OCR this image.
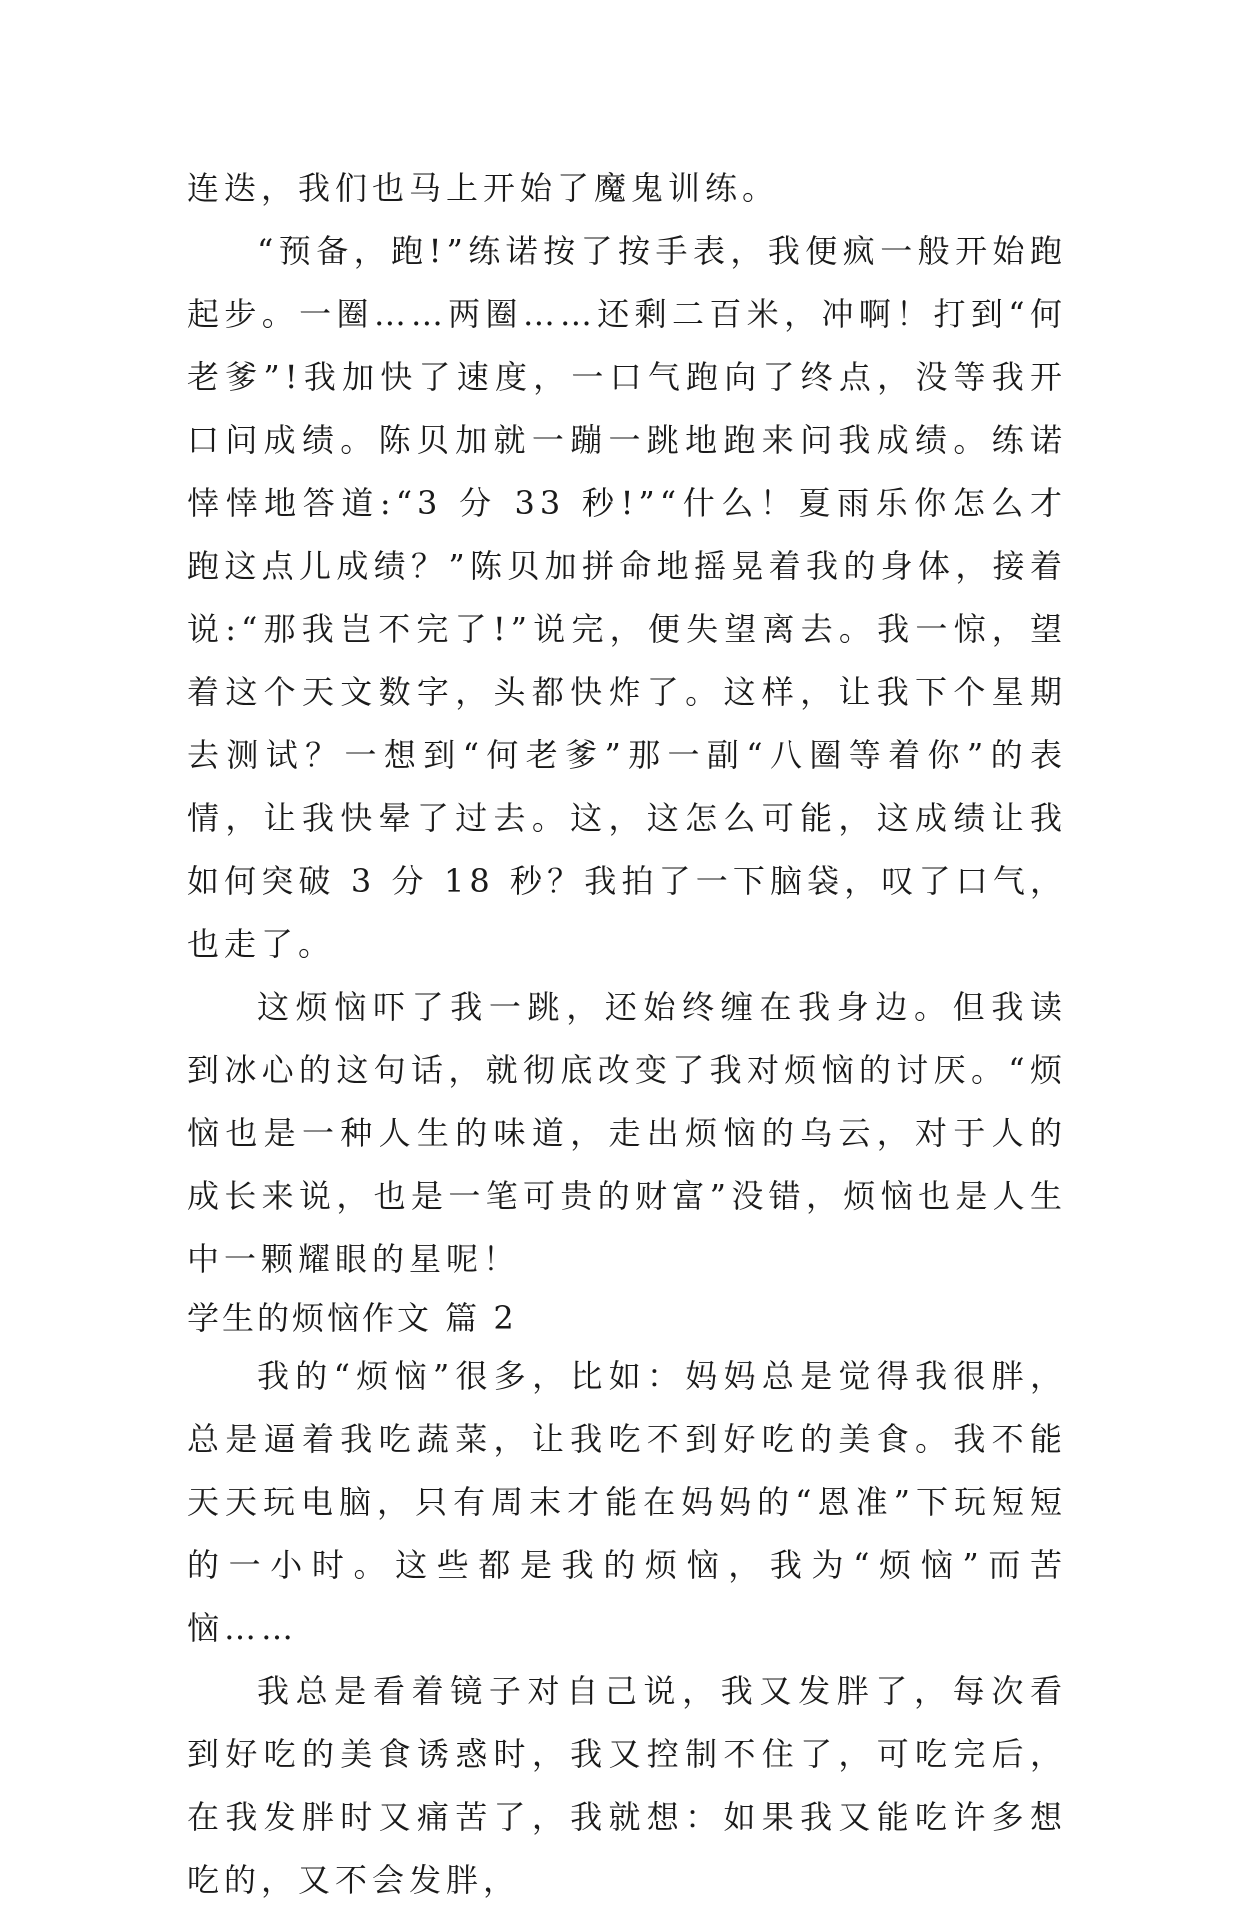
连迭，我们也马上开始了魔鬼训练。

“预备，跑!”练诺按了按手表，我便疯一般开始跑起步。一圈……两圈……还剩二百米，冲啊！打到“何老爹”!我加快了速度，一口气跑向了终点，没等我开口问成绩。陈贝加就一蹦一跳地跑来问我成绩。练诺悻悻地答道:“3 分 33 秒!”“什么！夏雨乐你怎么才跑这点儿成绩？”陈贝加拼命地摇晃着我的身体，接着说:“那我岂不完了!”说完，便失望离去。我一惊，望着这个天文数字，头都快炸了。这样，让我下个星期去测试？一想到“何老爹”那一副“八圈等着你”的表情，让我快晕了过去。这，这怎么可能，这成绩让我如何突破 3 分 18 秒？我拍了一下脑袋，叹了口气，也走了。

这烦恼吓了我一跳，还始终缠在我身边。但我读到冰心的这句话，就彻底改变了我对烦恼的讨厌。“烦恼也是一种人生的味道，走出烦恼的乌云，对于人的成长来说，也是一笔可贵的财富”没错，烦恼也是人生中一颗耀眼的星呢！

学生的烦恼作文 篇 2

我的“烦恼”很多，比如：妈妈总是觉得我很胖，总是逼着我吃蔬菜，让我吃不到好吃的美食。我不能天天玩电脑，只有周末才能在妈妈的“恩准”下玩短短的一小时。这些都是我的烦恼，我为“烦恼”而苦恼……

我总是看着镜子对自己说，我又发胖了，每次看到好吃的美食诱惑时，我又控制不住了，可吃完后，在我发胖时又痛苦了，我就想：如果我又能吃许多想吃的，又不会发胖，
